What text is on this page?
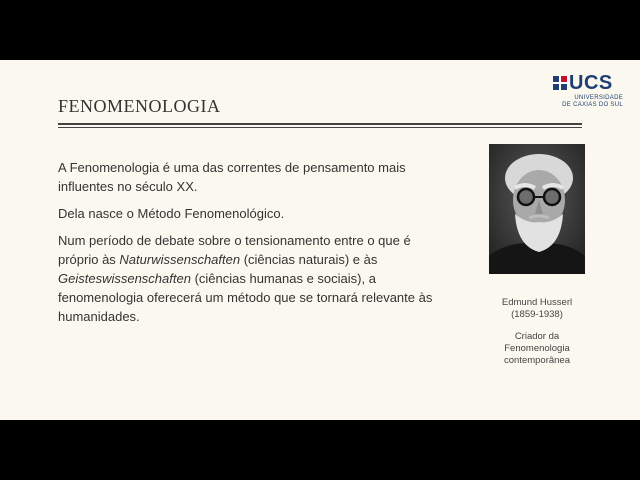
UCS
UNIVERSIDADE
DE CAXIAS DO SUL
FENOMENOLOGIA

A Fenomenologia é uma das correntes de pensamento mais influentes no século XX.

Dela nasce o Método Fenomenológico.

Num período de debate sobre o tensionamento entre o que é próprio às Naturwissenschaften (ciências naturais) e às Geisteswissenschaften (ciências humanas e sociais), a fenomenologia oferecerá um método que se tornará relevante às humanidades.

Edmund Husserl
(1859-1938)
Criador da
Fenomenologia
contemporânea
